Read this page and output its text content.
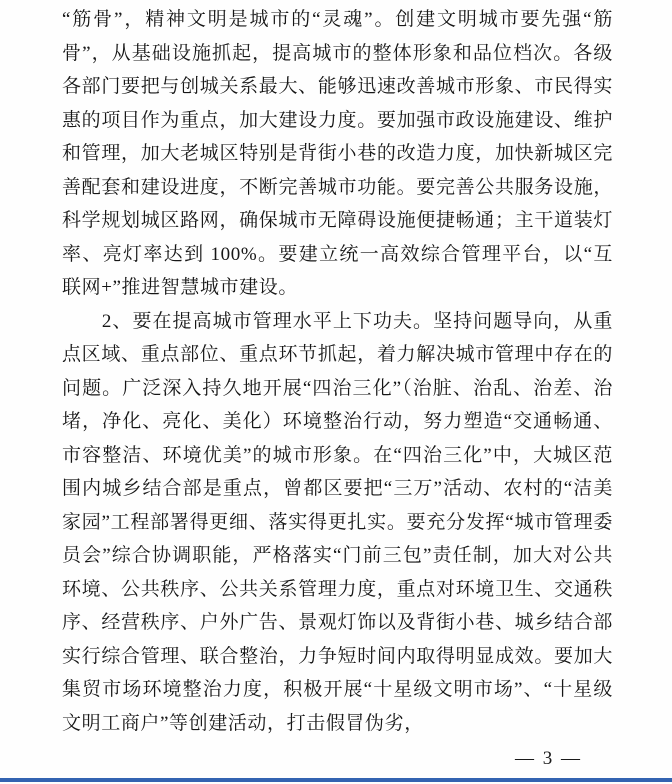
“筋骨”，精神文明是城市的“灵魂”。创建文明城市要先强“筋骨”，从基础设施抓起，提高城市的整体形象和品位档次。各级各部门要把与创城关系最大、能够迅速改善城市形象、市民得实惠的项目作为重点，加大建设力度。要加强市政设施建设、维护和管理，加大老城区特别是背街小巷的改造力度，加快新城区完善配套和建设进度，不断完善城市功能。要完善公共服务设施，科学规划城区路网，确保城市无障碍设施便捷畅通；主干道装灯率、亮灯率达到 100%。要建立统一高效综合管理平台，以“互联网+”推进智慧城市建设。

2、要在提高城市管理水平上下功夫。坚持问题导向，从重点区域、重点部位、重点环节抓起，着力解决城市管理中存在的问题。广泛深入持久地开展“四治三化”（治脏、治乱、治差、治堵，净化、亮化、美化）环境整治行动，努力塑造“交通畅通、市容整洁、环境优美”的城市形象。在“四治三化”中，大城区范围内城乡结合部是重点，曾都区要把“三万”活动、农村的“洁美家园”工程部署得更细、落实得更扎实。要充分发挥“城市管理委员会”综合协调职能，严格落实“门前三包”责任制，加大对公共环境、公共秩序、公共关系管理力度，重点对环境卫生、交通秩序、经营秩序、户外广告、景观灯饰以及背街小巷、城乡结合部实行综合管理、联合整治，力争短时间内取得明显成效。要加大集贸市场环境整治力度，积极开展“十星级文明市场”、“十星级文明工商户”等创建活动，打击假冒伪劣，

— 3 —
